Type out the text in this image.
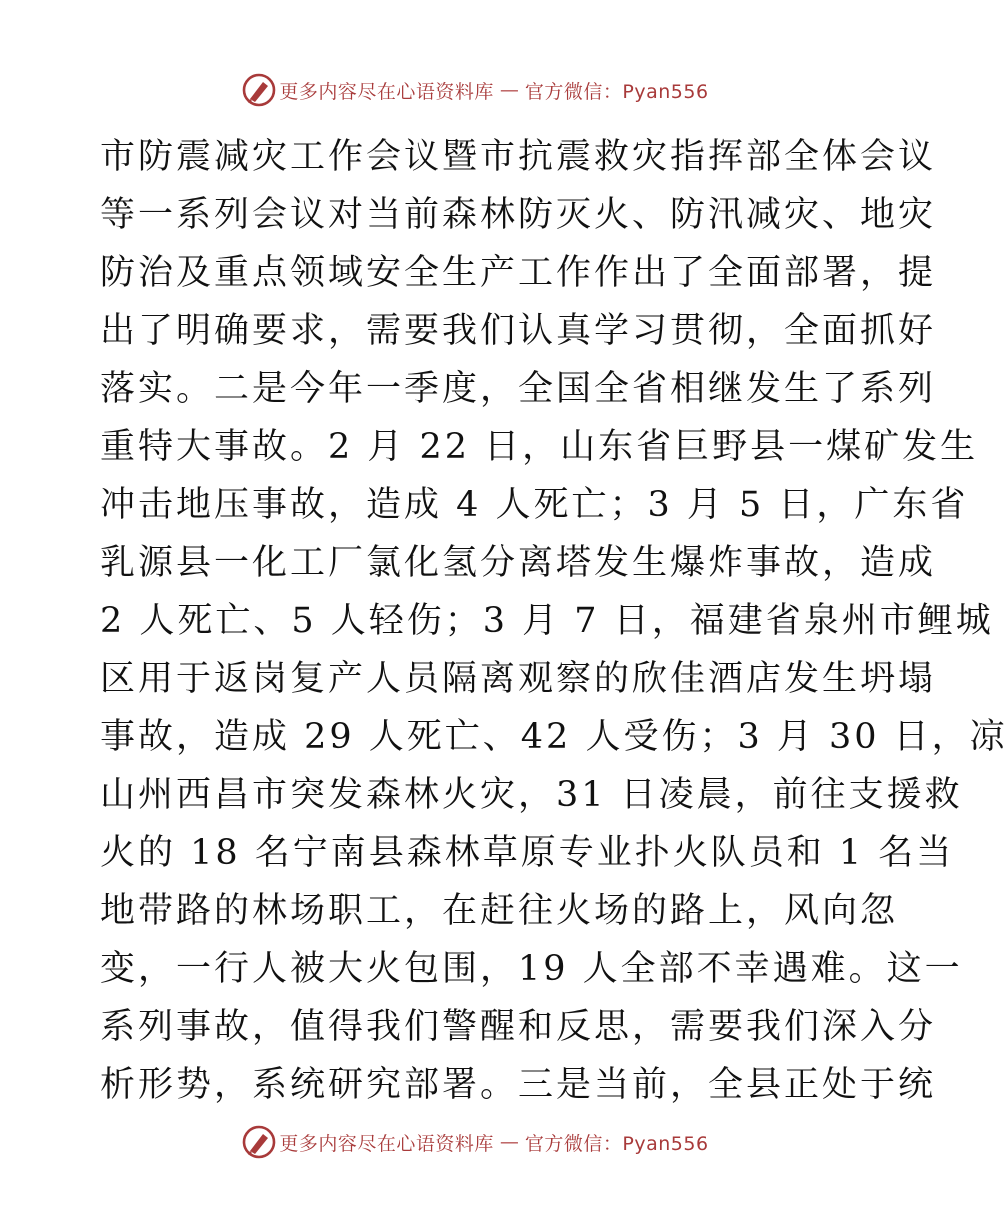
更多内容尽在心语资料库 — 官方微信：Pyan556
市防震减灾工作会议暨市抗震救灾指挥部全体会议
等一系列会议对当前森林防灭火、防汛减灾、地灾
防治及重点领域安全生产工作作出了全面部署，提
出了明确要求，需要我们认真学习贯彻，全面抓好
落实。二是今年一季度，全国全省相继发生了系列
重特大事故。2 月 22 日，山东省巨野县一煤矿发生
冲击地压事故，造成 4 人死亡；3 月 5 日，广东省
乳源县一化工厂氯化氢分离塔发生爆炸事故，造成
2 人死亡、5 人轻伤；3 月 7 日，福建省泉州市鲤城
区用于返岗复产人员隔离观察的欣佳酒店发生坍塌
事故，造成 29 人死亡、42 人受伤；3 月 30 日，凉
山州西昌市突发森林火灾，31 日凌晨，前往支援救
火的 18 名宁南县森林草原专业扑火队员和 1 名当
地带路的林场职工，在赶往火场的路上，风向忽
变，一行人被大火包围，19 人全部不幸遇难。这一
系列事故，值得我们警醒和反思，需要我们深入分
析形势，系统研究部署。三是当前，全县正处于统
更多内容尽在心语资料库 — 官方微信：Pyan556
